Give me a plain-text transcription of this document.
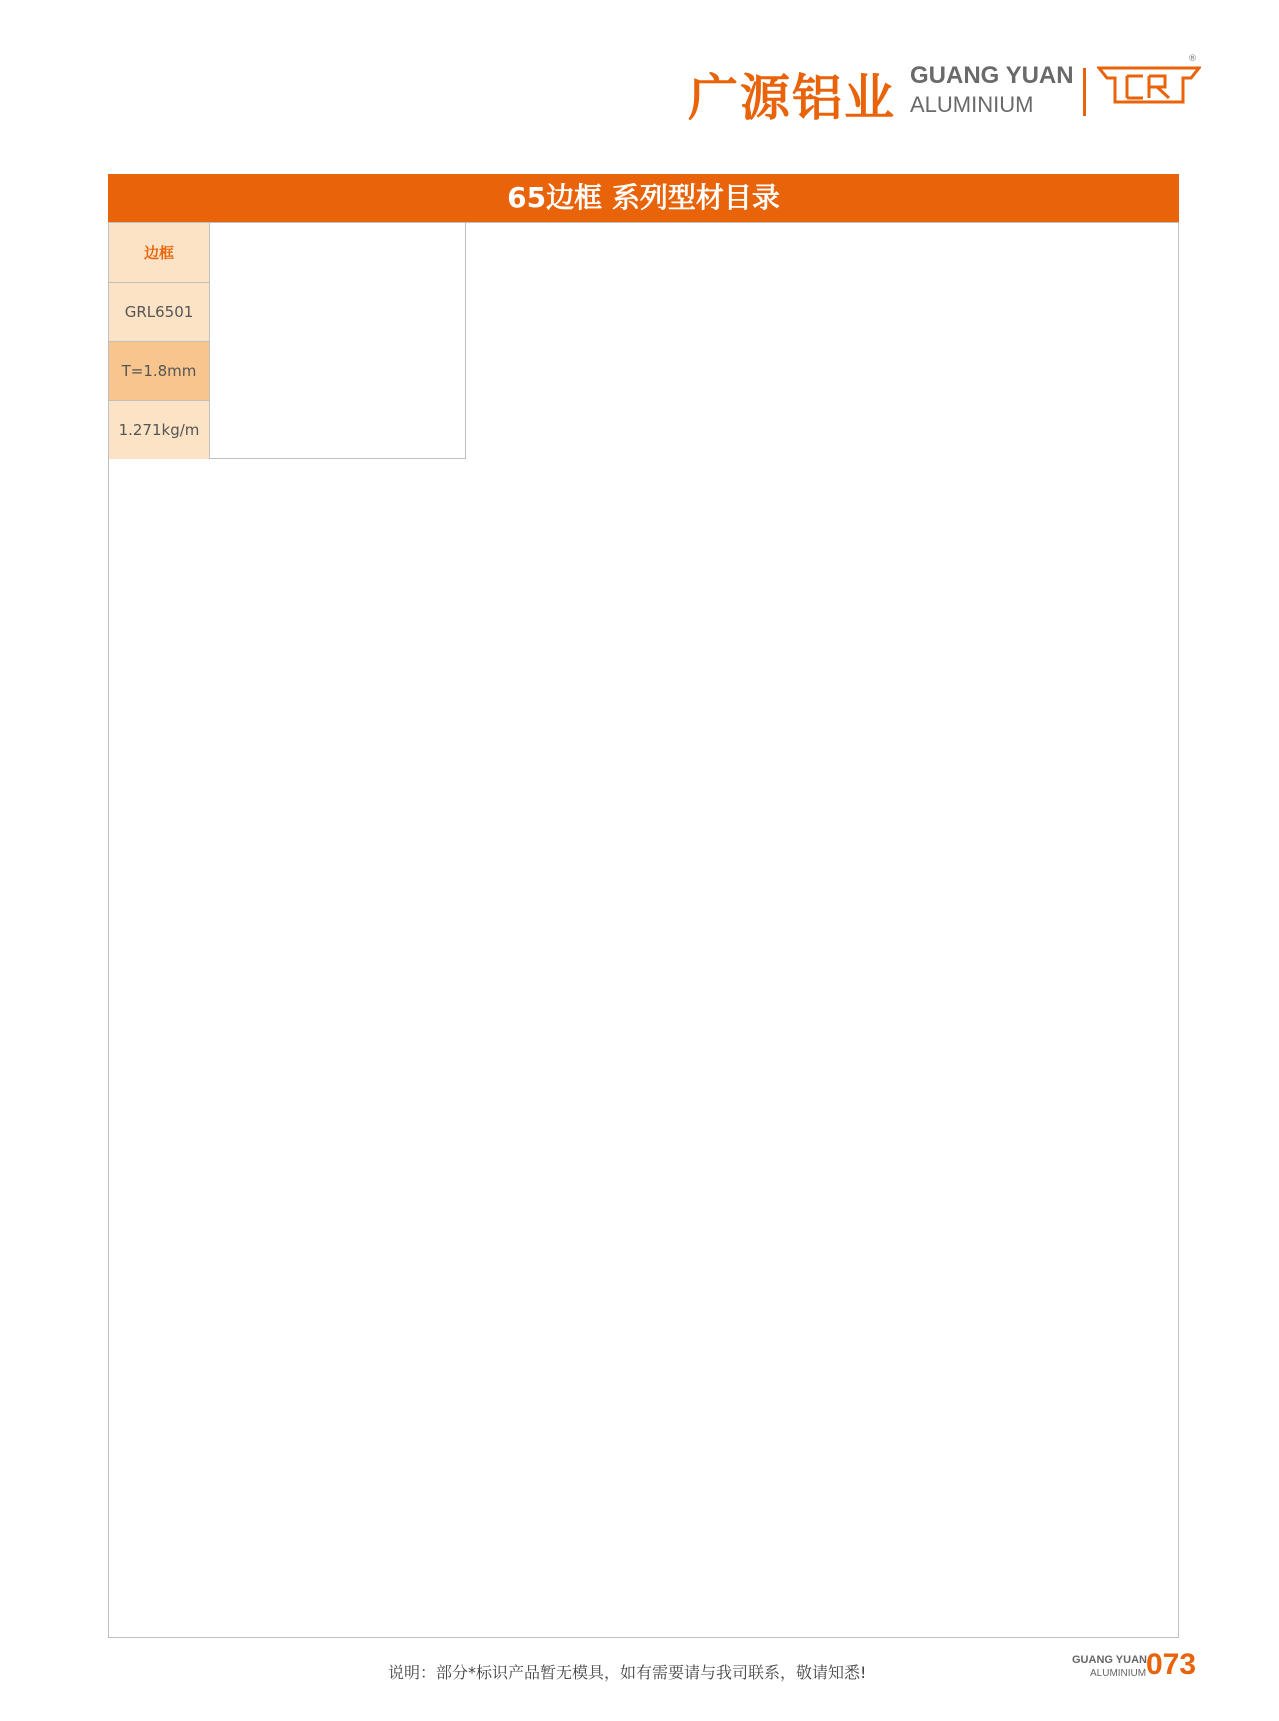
广源铝业 GUANG YUAN
ALUMINIUM
®
65边框 系列型材目录
边框
GRL6501
T=1.8mm
1.271kg/m
说明：部分*标识产品暂无模具，如有需要请与我司联系，敬请知悉!
GUANG YUAN
ALUMINIUM 073
